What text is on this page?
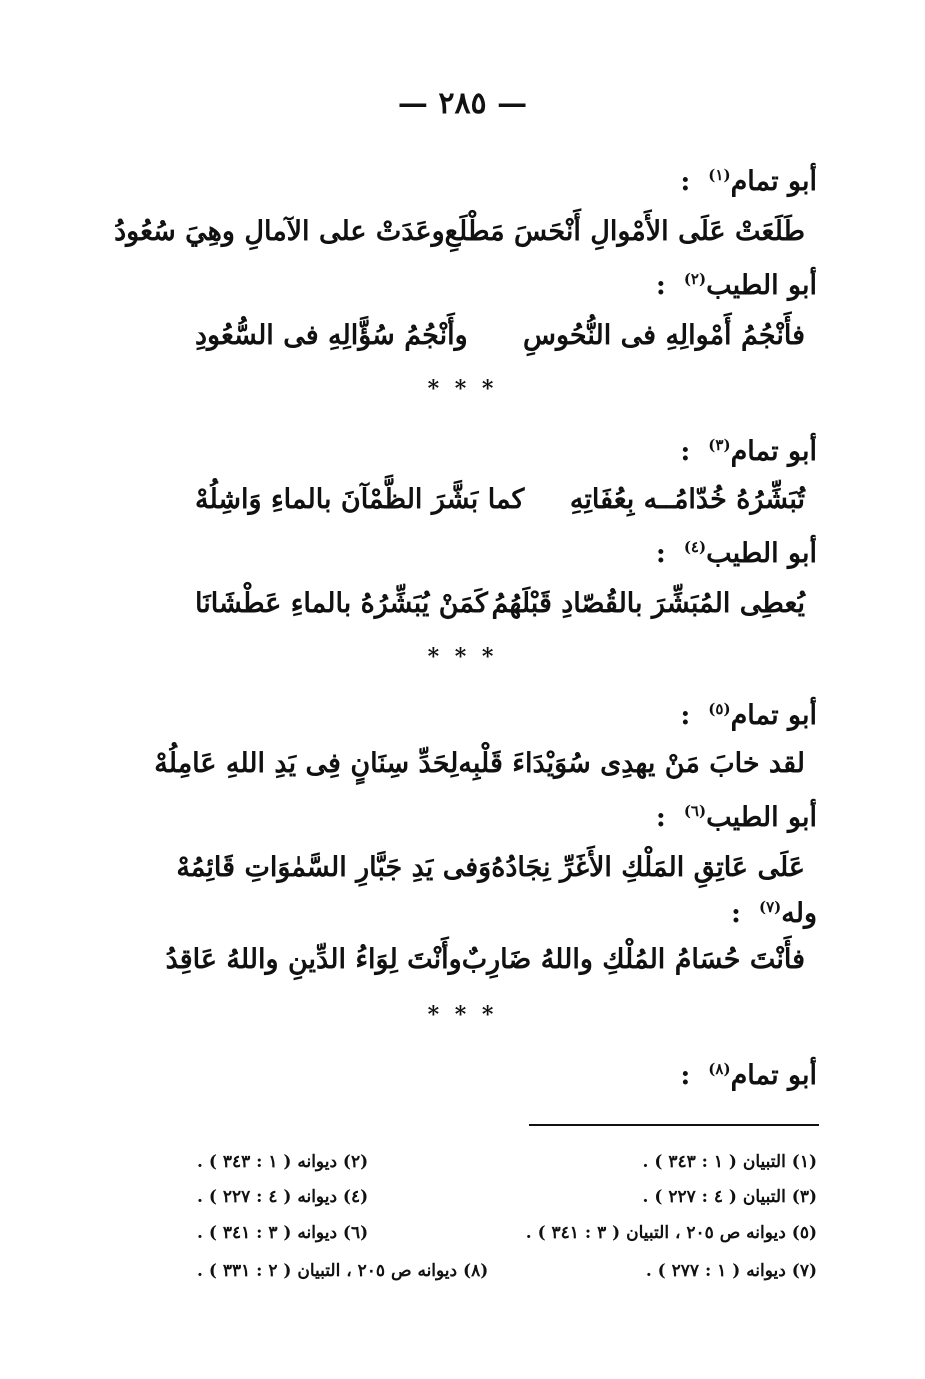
— ٢٨٥ —
أبو تمام$^{(١)}$:
طَلَعَتْ عَلَى الأَمْوالِ أَنْحَسَ مَطْلَعِ
وعَدَتْ على الآمالِ وهِيَ سُعُودُ
أبو الطيب$^{(٢)}$:
فأَنْجُمُ أَمْوالِهِ فى النُّحُوسِ
وأَنْجُمُ سُؤَّالِهِ فى السُّعُودِ
* * *
أبو تمام$^{(٣)}$:
تُبَشِّرُهُ خُدّامُــه بِعُفَاتِهِ
كما بَشَّرَ الظَّمْآنَ بالماءِ وَاشِلُهْ
أبو الطيب$^{(٤)}$:
يُعطِى المُبَشِّرَ بالقُصّادِ قَبْلَهُمُ
كَمَنْ يُبَشِّرُهُ بالماءِ عَطْشَانَا
* * *
أبو تمام$^{(٥)}$:
لقد خابَ مَنْ يهدِى سُوَيْدَاءَ قَلْبِه
لِحَدِّ سِنَانٍ فِى يَدِ اللهِ عَامِلُهْ
أبو الطيب$^{(٦)}$:
عَلَى عَاتِقِ المَلْكِ الأَغَرِّ نِجَادُهُ
وَفى يَدِ جَبَّارِ السَّمٰوَاتِ قَائِمُهْ
وله$^{(٧)}$:
فأَنْتَ حُسَامُ المُلْكِ واللهُ ضَارِبٌ
وأَنْتَ لِوَاءُ الدِّينِ واللهُ عَاقِدُ
* * *
أبو تمام$^{(٨)}$:
(١) التبيان ( ١ : ٣٤٣ ) .
(٢) ديوانه ( ١ : ٣٤٣ ) .
(٣) التبيان ( ٤ : ٢٢٧ ) .
(٤) ديوانه ( ٤ : ٢٢٧ ) .
(٥) ديوانه ص ٢٠٥ ، التبيان ( ٣ : ٣٤١ ) .
(٦) ديوانه ( ٣ : ٣٤١ ) .
(٧) ديوانه ( ١ : ٢٧٧ ) .
(٨) ديوانه ص ٢٠٥ ، التبيان ( ٢ : ٣٣١ ) .
